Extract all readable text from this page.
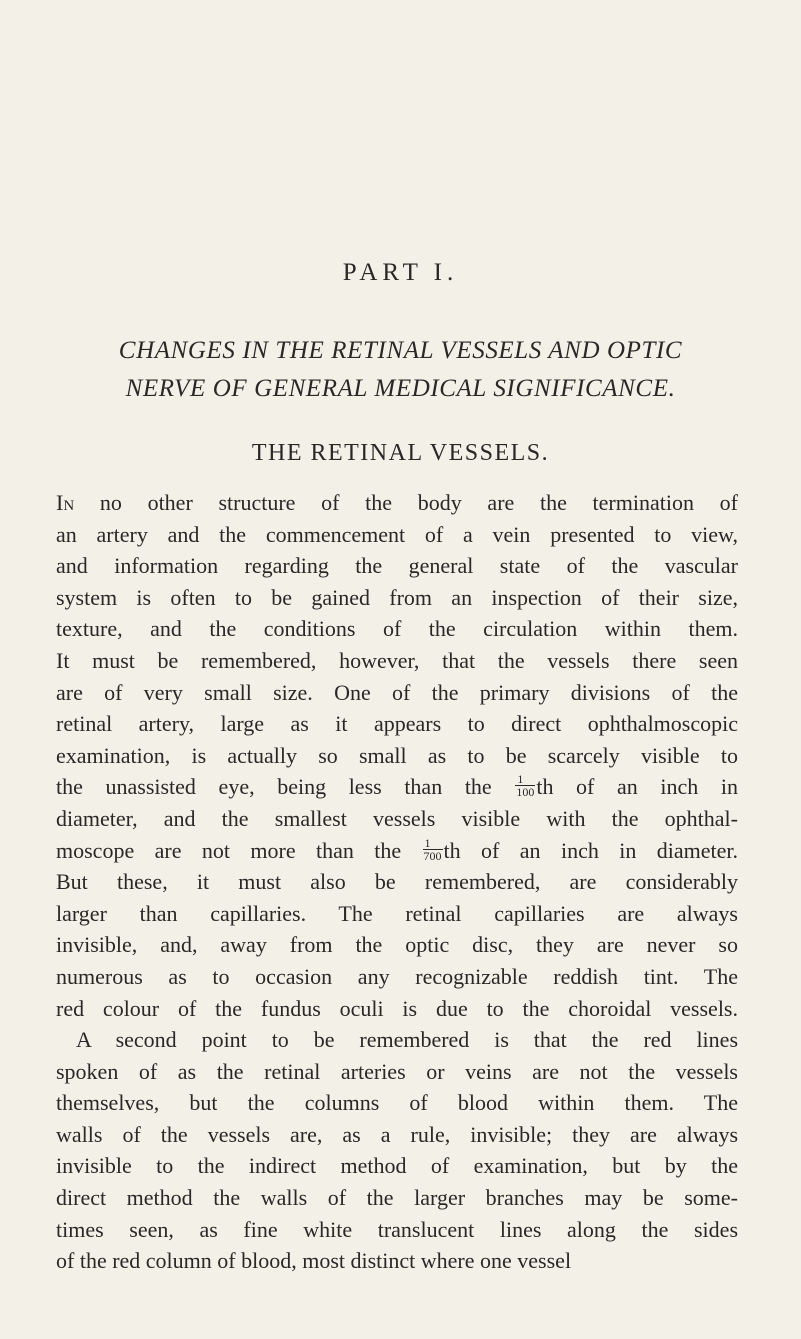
PART I.
CHANGES IN THE RETINAL VESSELS AND OPTIC
NERVE OF GENERAL MEDICAL SIGNIFICANCE.
THE RETINAL VESSELS.
In no other structure of the body are the termination of
an artery and the commencement of a vein presented to view,
and information regarding the general state of the vascular
system is often to be gained from an inspection of their size,
texture, and the conditions of the circulation within them.
It must be remembered, however, that the vessels there seen
are of very small size. One of the primary divisions of the
retinal artery, large as it appears to direct ophthalmoscopic
examination, is actually so small as to be scarcely visible to
the unassisted eye, being less than the $\frac{1}{100}$ th of an inch in
diameter, and the smallest vessels visible with the ophthal-
moscope are not more than the $\frac{1}{700}$ th of an inch in diameter.
But these, it must also be remembered, are considerably
larger than capillaries. The retinal capillaries are always
invisible, and, away from the optic disc, they are never so
numerous as to occasion any recognizable reddish tint. The
red colour of the fundus oculi is due to the choroidal vessels.
A second point to be remembered is that the red lines
spoken of as the retinal arteries or veins are not the vessels
themselves, but the columns of blood within them. The
walls of the vessels are, as a rule, invisible; they are always
invisible to the indirect method of examination, but by the
direct method the walls of the larger branches may be some-
times seen, as fine white translucent lines along the sides
of the red column of blood, most distinct where one vessel
